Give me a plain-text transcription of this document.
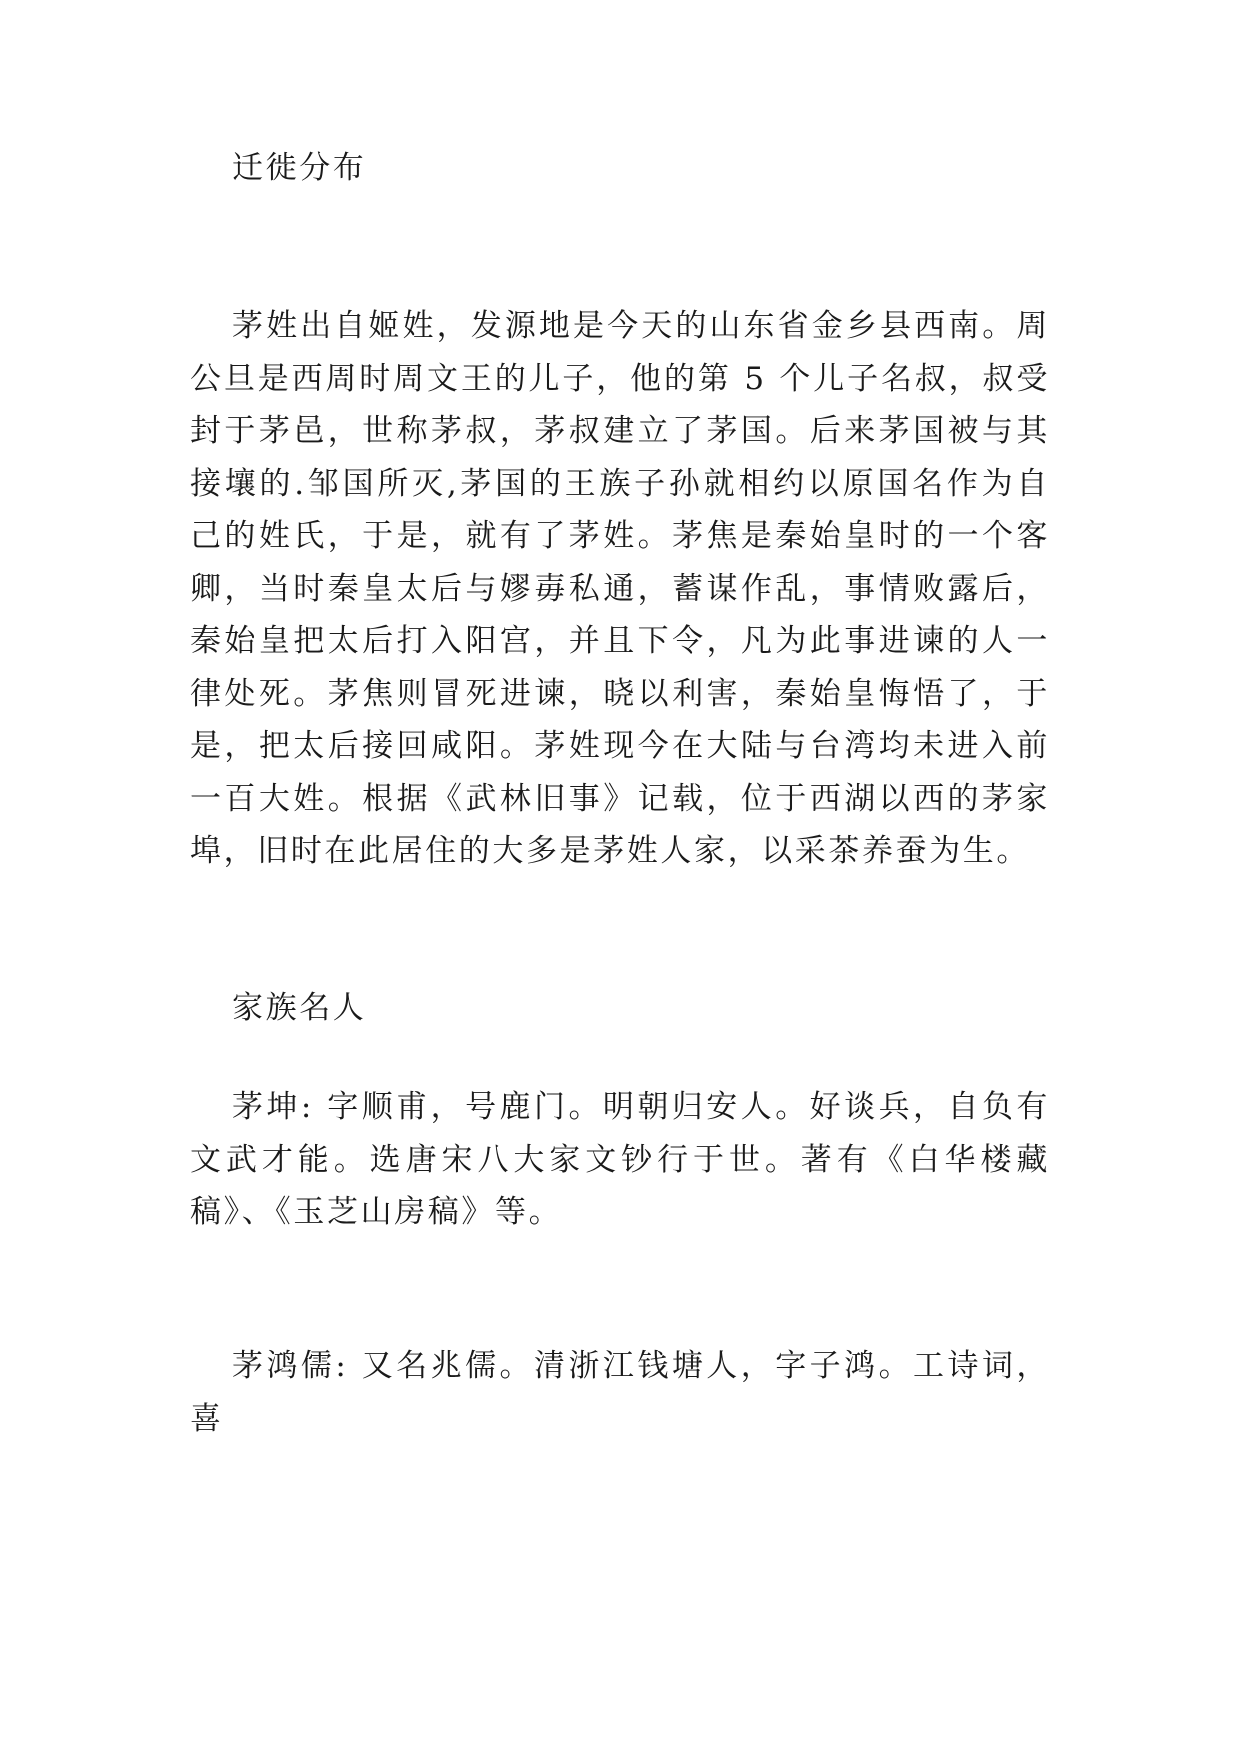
迁徙分布

茅姓出自姬姓，发源地是今天的山东省金乡县西南。周公旦是西周时周文王的儿子，他的第 5 个儿子名叔，叔受封于茅邑，世称茅叔，茅叔建立了茅国。后来茅国被与其接壤的.邹国所灭,茅国的王族子孙就相约以原国名作为自己的姓氏，于是，就有了茅姓。茅焦是秦始皇时的一个客卿，当时秦皇太后与嫪毐私通，蓄谋作乱，事情败露后，秦始皇把太后打入阳宫，并且下令，凡为此事进谏的人一律处死。茅焦则冒死进谏，晓以利害，秦始皇悔悟了，于是，把太后接回咸阳。茅姓现今在大陆与台湾均未进入前一百大姓。根据《武林旧事》记载，位于西湖以西的茅家埠，旧时在此居住的大多是茅姓人家，以采茶养蚕为生。

家族名人

茅坤: 字顺甫，号鹿门。明朝归安人。好谈兵，自负有文武才能。选唐宋八大家文钞行于世。著有《白华楼藏稿》、《玉芝山房稿》等。

茅鸿儒: 又名兆儒。清浙江钱塘人，字子鸿。工诗词，喜
